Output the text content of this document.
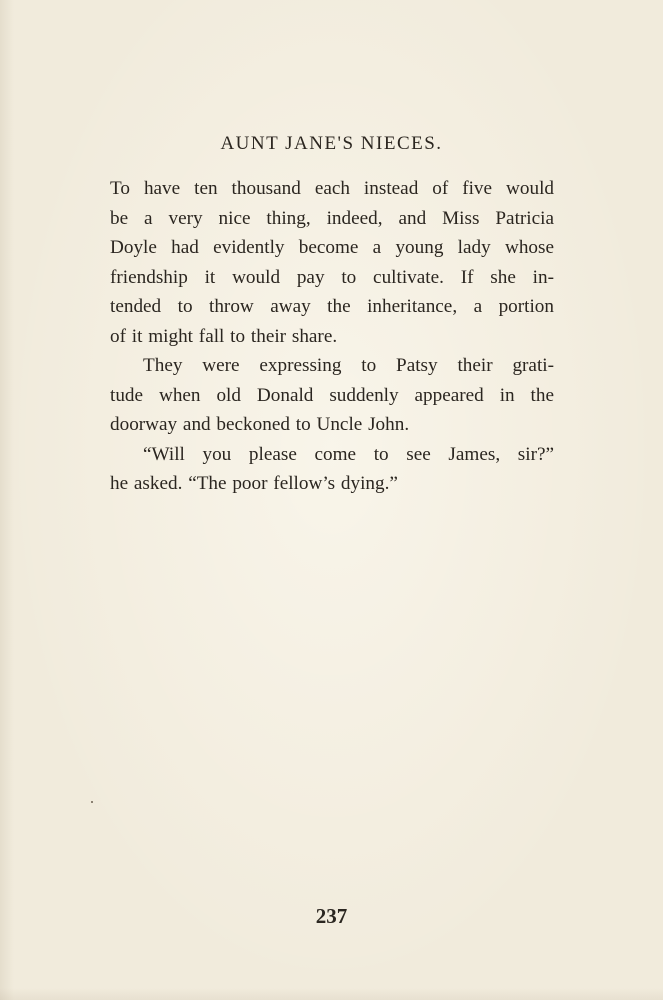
AUNT JANE'S NIECES.
To have ten thousand each instead of five would
be a very nice thing, indeed, and Miss Patricia
Doyle had evidently become a young lady whose
friendship it would pay to cultivate. If she in-
tended to throw away the inheritance, a portion
of it might fall to their share.
They were expressing to Patsy their grati-
tude when old Donald suddenly appeared in the
doorway and beckoned to Uncle John.
“Will you please come to see James, sir?”
he asked. “The poor fellow’s dying.”
237
